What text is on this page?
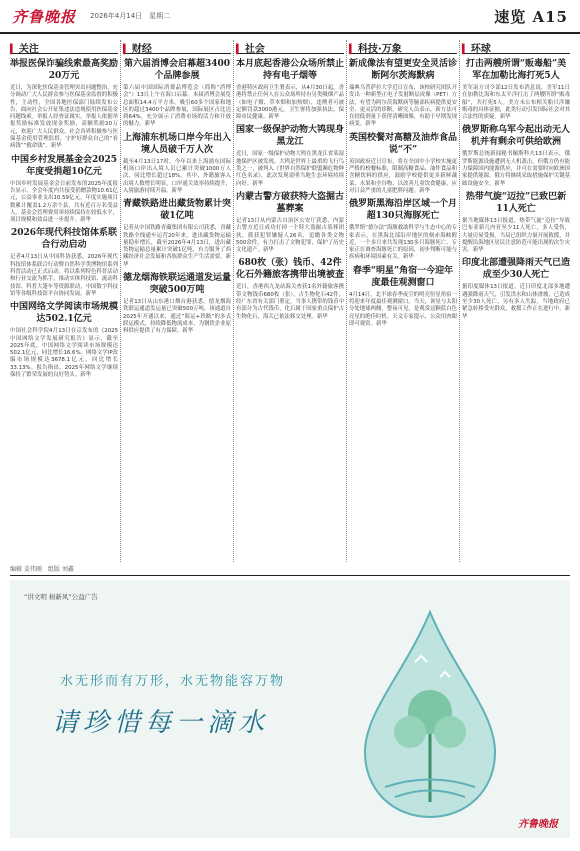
齐鲁晚报 2026年4月14日　星期二	速览 A15
▍ 关注
举报医保诈骗线索最高奖励20万元
近日，为深化医保基金管理突出问题整治，充分调动广大人民群众参与医保基金监督的积极性，主动性，全国各地医保部门陆续发布公告，面向社会公开征集违法违规使用医保基金问题线索。举报人经查证属实，举报人依据举报奖励标准发放现金奖励，高额奖励20万元，欢迎广大人民群众、社会各界积极参与医保基金使用管理监督，守护好群众自己的“看病钱”“救命钱”。新华
中国乡村发展基金会2025年度受捐超10亿元
中国乡村发展基金会日前发布的2025年度报告显示，全会年度内共接受捐赠款物10.61亿元，公益事业支出10.59亿元。年度实施项目数累计覆盖1.2万余个县，共有近百万名受益人。基金会管理费用率持续保持在较低水平，项目规模和效益进一步提升。新华
2026年现代科技馆体系联合行动启动
记者4月13日从中国科协获悉，2026年现代科技馆体系联合行动暨自然科学类博物馆系列科普活动已正式启动。将以系列特色科普活动和行业交流为抓手，推动实体科技馆、流动科技馆、科普大篷车等资源联动，中国数字科技馆等各级科技馆平台协同发展。新华
中国网络文学阅读市场规模达502.1亿元
中国社会科学院4月13日在京发布的《2025中国网络文学发展研究报告》显示，截至2025年底，中国网络文学阅读市场规模达502.1亿元，同比增长16.6%。网络文学IP改编市场规模达3678.1亿元，同比增长33.13%。报告指出，2025年网络文学继续保持了繁荣发展的良好势头。新华
▍ 财经
第六届消博会启幕超3400个品牌参展
第六届中国国际消费品博览会（简称“消博会”）13日上午在海口启幕。本届消博会展览总面积14.4万平方米，吸引60多个国家和地区的超过3400个品牌参展，国际展区占比达到64%，充分展示了消费市场的活力和开放的魅力。新华
上海浦东机场口岸今年出入境人员破千万人次
截至4月13日17时，今年以来上海浦东国际机场口岸出入境人员已累计突破1000万人次，同比增长超过18%。其中，外籍旅客入出境人数增长明显，口岸通关效率持续提升，入境旅游持续升温。新华
青藏铁路进出藏货物累计突破1亿吨
记者从中国铁路青藏集团有限公司获悉，青藏铁路全线通车运营20年来，进出藏货物运输量稳步增长，截至2026年4月13日，进出藏货物运输总量累计突破1亿吨，有力服务了西藏经济社会发展和各族群众生产生活需要。新华
德龙烟海铁联运通道发运量突破500万吨
记者13日从山东港口烟台港获悉，德龙烟海铁联运通道发运量已突破500万吨。该通道自2025年开通以来，通过“海运+铁路”的多式联运模式，持续降低物流成本，为钢铁企业原料供应提供了有力保障。新华
▍ 社会
本月底起香港公众场所禁止持有电子烟等
香港特区政府卫生署表示，从4月30日起，香港将禁止任何人在公众场所持有另类吸烟产品（如电子烟、草本烟和加热烟），违例者可被定额罚款3000港元。卫生署将加强执法，保障市民健康。新华
国家一级保护动物大鸨现身黑龙江
近日，国家一级保护动物大鸨在黑龙江省某湿地保护区被发现。大鸨是世界上最重的飞行鸟类之一，被列入《世界自然保护联盟濒危物种红色名录》，此次发现说明当地生态环境持续向好。新华
内蒙古警方破获特大盗掘古墓葬案
记者13日从内蒙古自治区公安厅获悉，内蒙古警方近日成功打掉一个特大盗掘古墓葬团伙，抓获犯罪嫌疑人26名，追缴各类文物500余件，有力打击了文物犯罪，保护了历史文化遗产。新华
680枚（张）钱币、42件化石外籍旅客携带出境被查
近日，香港西九龙站海关查获1名外籍旅客携带文物钱币680枚（张），古生物化石42件，经广东省有关部门鉴定，当事人携带的钱币中有部分为古代钱币，化石属于国家重点保护古生物化石，海关已依法移交处理。新华
▍ 科技·万象
新成像法有望更安全灵活诊断阿尔茨海默病
瑞典乌普萨拉大学近日宣布，该校研究团队开发出一种新型正电子发射断层成像（PET）方法，有望为阿尔茨海默病等脑部疾病提供更安全、更灵活的诊断。研究人员表示，新方法可在较低剂量下获得清晰图像，有助于早期发现病变。新华
英国校餐对高糖及油炸食品说“不”
英国政府近日宣布，将在全国中小学校实施更严格的校餐标准，限制高糖食品、油炸食品和含糖饮料的供应，鼓励学校提供更多新鲜蔬菜、水果和全谷物，以改善儿童饮食健康，应对日益严重的儿童肥胖问题。新华
俄罗斯黑海沿岸区域一个月超130只海豚死亡
俄罗斯“德尔法”海豚救助科学与生态中心的专家表示，在黑海北部沿岸地区的刻赤海峡附近，一个多月来共发现130多只海豚死亡。专家正在调查海豚死亡的原因，初步判断可能与疾病和环境因素有关。新华
春季“明星”角宿一今迎年度最佳观测窗口
4月14日，北半球春季夜空的明亮恒星角宿一将迎来年度最佳观测窗口。当天，该星与太阳分处地球两侧，整夜可见，是观赏这颗蓝白色亮星的绝佳时机。天文专家提示，公众用肉眼即可观赏。新华
▍ 环球
打击两艘所谓“贩毒船”美军在加勒比海打死5人
美军南方司令部12日发布消息说，美军11日在加勒比海和东太平洋打击了两艘所谓“贩毒船”，共打死5人。美方未公布相关船只涉嫌贩毒的具体证据，此类行动引发国际社会对其合法性的质疑。新华
俄罗斯称乌军今起出动无人机并有剩余可供给欧洲
俄罗斯总统新闻秘书佩斯科夫13日表示，俄罗斯能源设施遭到无人机袭击，但俄方仍有能力保障国内能源供应，并可在需要时向欧洲国家提供能源。俄方将继续采取措施保护关键基础设施安全。新华
热带气旋“迈拉”已致巴新11人死亡
据当地媒体13日报道，热带气旋“迈拉”导致巴布亚新几内亚至少11人死亡，多人受伤，大量房屋受损。当局已组织力量开展救援，并提醒沿海地区居民注意防范可能出现的次生灾害。新华
印度北部遭强降雨天气已造成至少30人死亡
据印度媒体13日报道，近日印度北部多地遭遇强降雨天气，引发洪水和山体滑坡，已造成至少30人死亡，另有多人失踪。当地政府已紧急转移受灾群众，救援工作正在进行中。新华
编辑 姜伟刚　组版 刘鑫
“讲文明 树新风”公益广告
水无形而有万形，水无物能容万物
请珍惜每一滴水
齐鲁晚报
